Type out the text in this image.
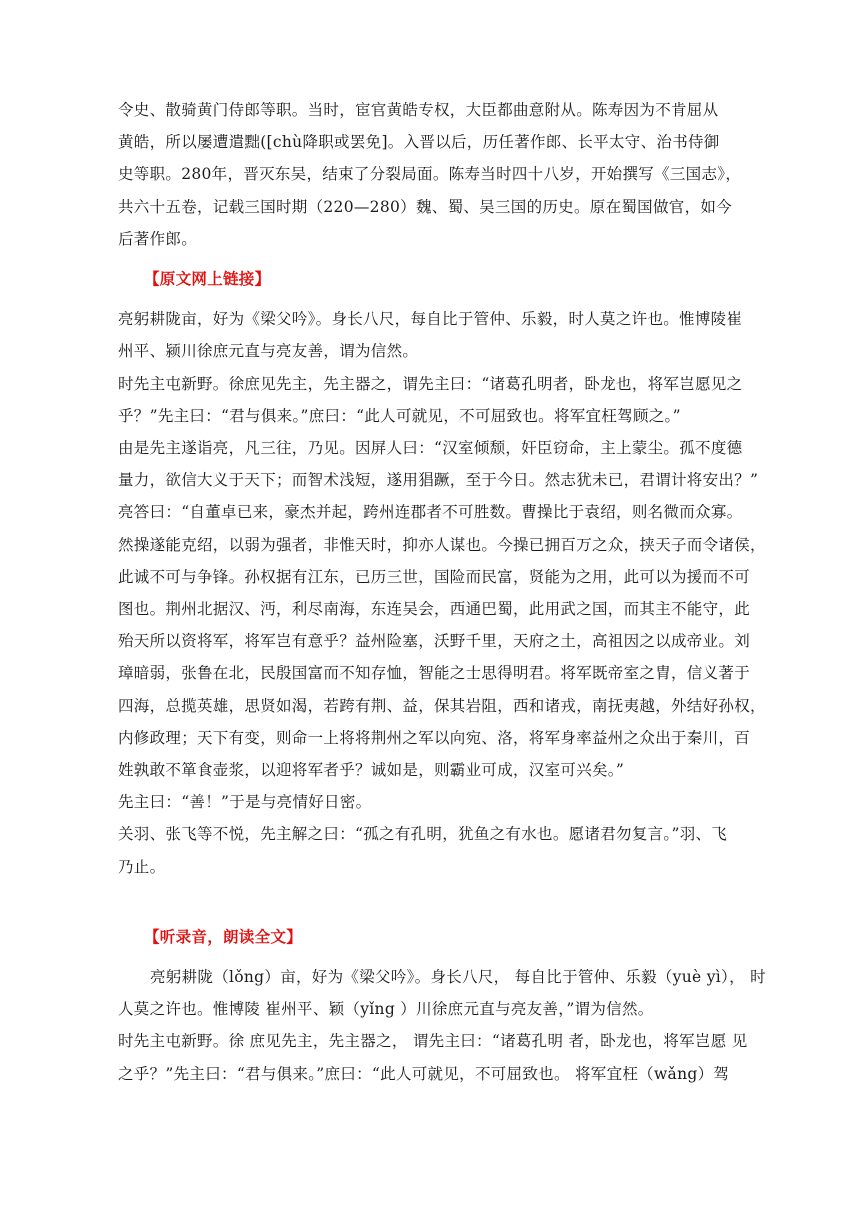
令史、散骑黄门侍郎等职。当时，宦官黄皓专权，大臣都曲意附从。陈寿因为不肯屈从

黄皓，所以屡遭遣黜([chù降职或罢免]。入晋以后，历任著作郎、长平太守、治书侍御

史等职。280年，晋灭东吴，结束了分裂局面。陈寿当时四十八岁，开始撰写《三国志》，

共六十五卷，记载三国时期（220—280）魏、蜀、吴三国的历史。原在蜀国做官，如今

后著作郎。

【原文网上链接】

亮躬耕陇亩，好为《梁父吟》。身长八尺，每自比于管仲、乐毅，时人莫之许也。惟博陵崔

州平、颍川徐庶元直与亮友善，谓为信然。

时先主屯新野。徐庶见先主，先主器之，谓先主曰：“诸葛孔明者，卧龙也，将军岂愿见之

乎？”先主曰：“君与俱来。”庶曰：“此人可就见，不可屈致也。将军宜枉驾顾之。”

由是先主遂诣亮，凡三往，乃见。因屏人曰：“汉室倾颓，奸臣窃命，主上蒙尘。孤不度德

量力，欲信大义于天下；而智术浅短，遂用猖蹶，至于今日。然志犹未已，君谓计将安出？”

亮答曰：“自董卓已来，豪杰并起，跨州连郡者不可胜数。曹操比于袁绍，则名微而众寡。

然操遂能克绍，以弱为强者，非惟天时，抑亦人谋也。今操已拥百万之众，挟天子而令诸侯，

此诚不可与争锋。孙权据有江东，已历三世，国险而民富，贤能为之用，此可以为援而不可

图也。荆州北据汉、沔，利尽南海，东连吴会，西通巴蜀，此用武之国，而其主不能守，此

殆天所以资将军，将军岂有意乎？益州险塞，沃野千里，天府之土，高祖因之以成帝业。刘

璋暗弱，张鲁在北，民殷国富而不知存恤，智能之士思得明君。将军既帝室之胄，信义著于

四海，总揽英雄，思贤如渴，若跨有荆、益，保其岩阻，西和诸戎，南抚夷越，外结好孙权，

内修政理；天下有变，则命一上将将荆州之军以向宛、洛，将军身率益州之众出于秦川，百

姓孰敢不箪食壶浆，以迎将军者乎？诚如是，则霸业可成，汉室可兴矣。”

先主曰：“善！”于是与亮情好日密。

关羽、张飞等不悦，先主解之曰：“孤之有孔明，犹鱼之有水也。愿诸君勿复言。”羽、飞

乃止。

【听录音，朗读全文】

亮躬耕陇（lǒng）亩，好为《梁父吟》。身长八尺， 每自比于管仲、乐毅（yuè yì）， 时

人莫之许也。惟博陵 崔州平、颖（yǐng ）川徐庶元直与亮友善，”谓为信然。

时先主屯新野。徐 庶见先主，先主器之， 谓先主曰：“诸葛孔明 者，卧龙也，将军岂愿 见

之乎？”先主曰：“君与俱来。”庶曰：“此人可就见，不可屈致也。 将军宜枉（wǎng）驾
